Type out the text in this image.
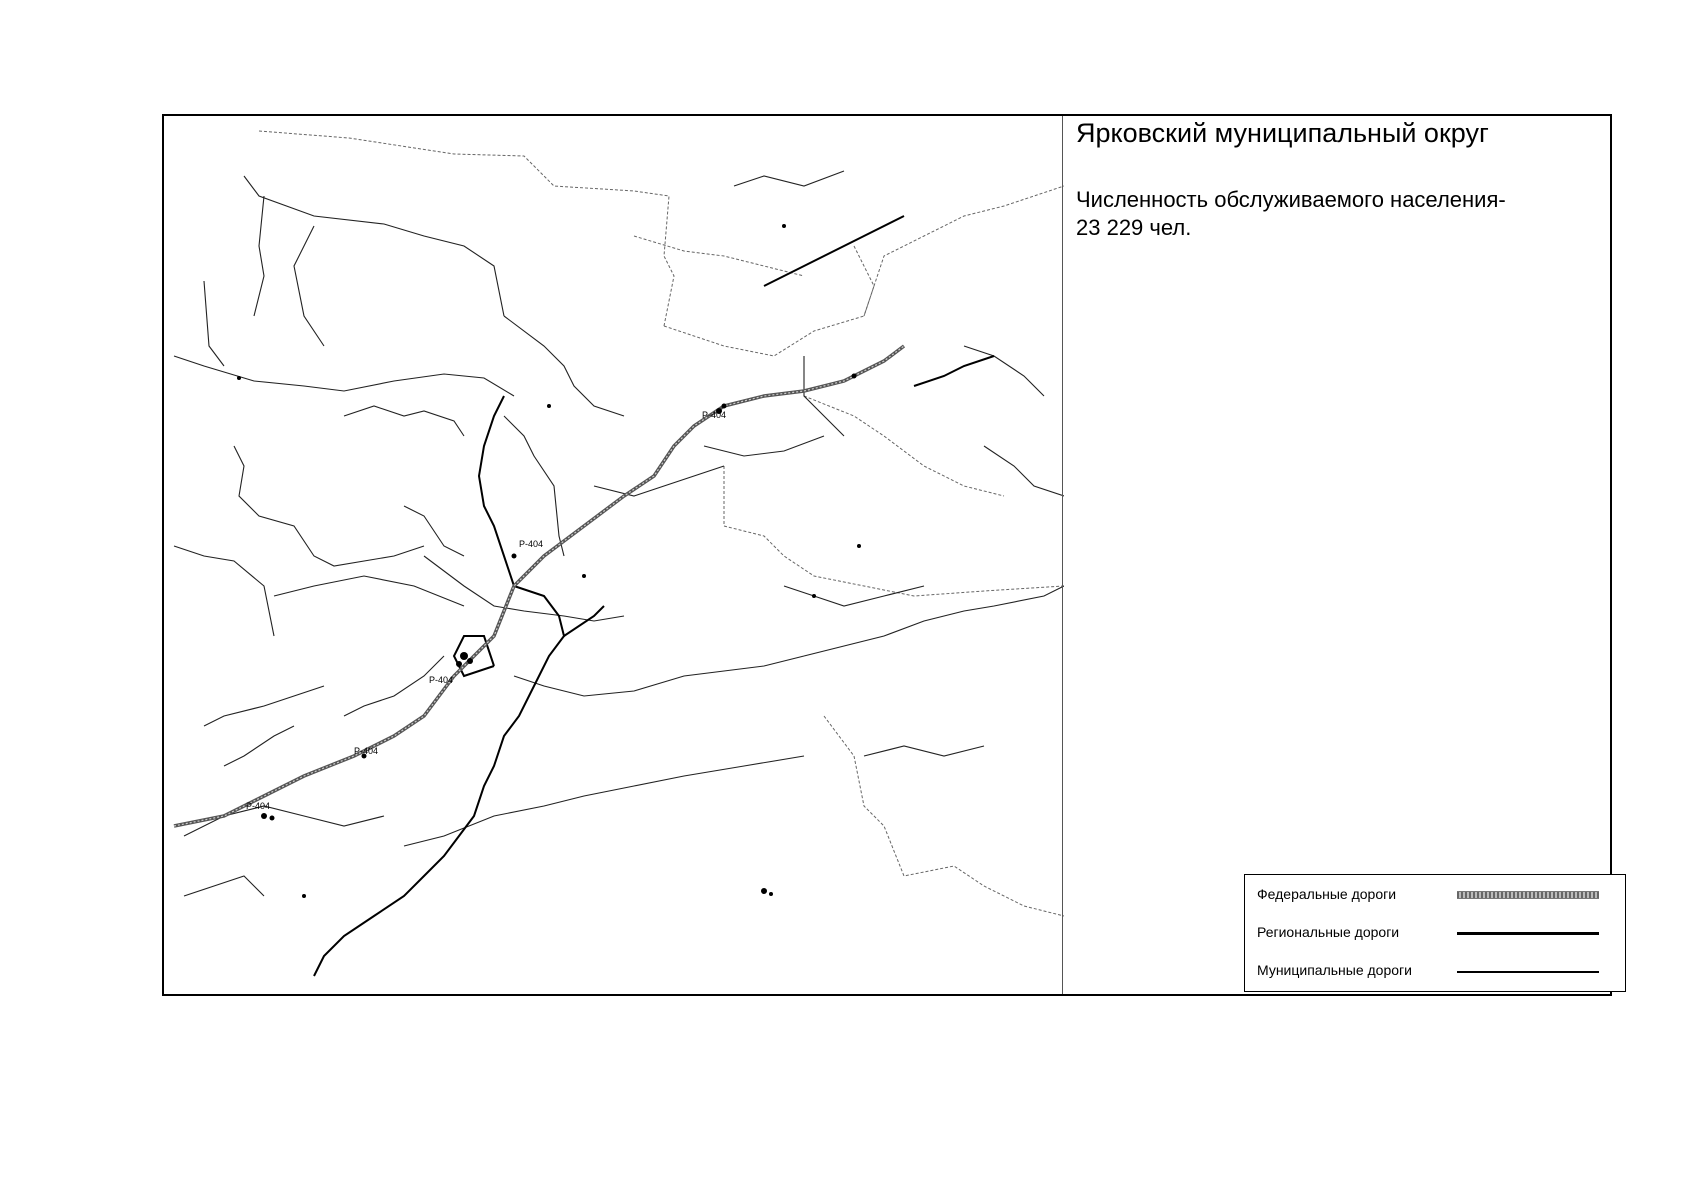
Р-404
Р-404
Р-404
Р-404
Р-404
Ярковский муниципальный округ
Численность обслуживаемого населения-
23 229 чел.
Федеральные дороги
Региональные дороги
Муниципальные дороги
